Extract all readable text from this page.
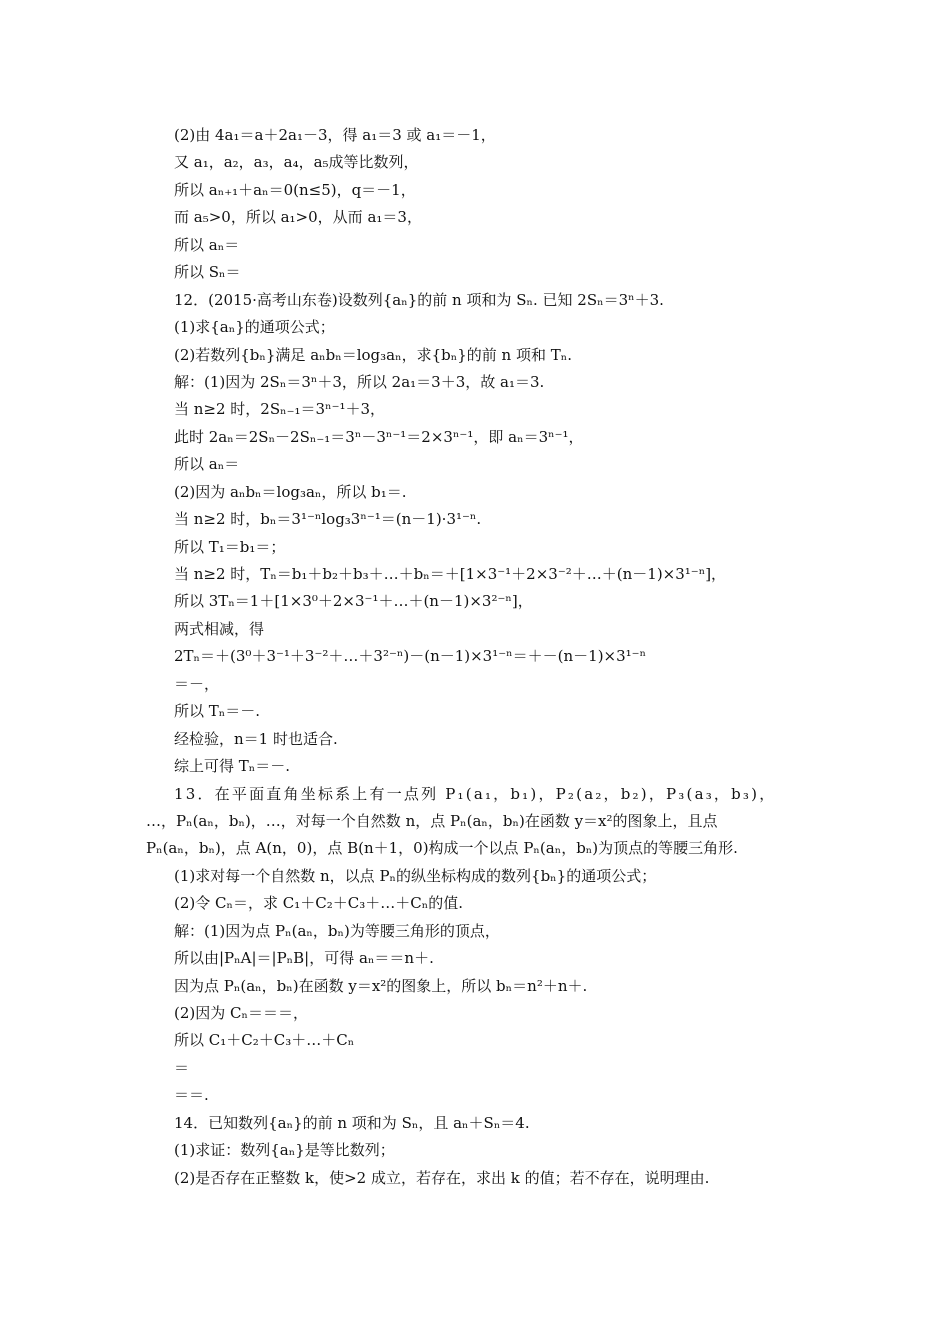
(2)由 4a₁＝a＋2a₁－3，得 a₁＝3 或 a₁＝－1，
又 a₁，a₂，a₃，a₄，a₅成等比数列，
所以 aₙ₊₁＋aₙ＝0(n≤5)，q＝－1，
而 a₅>0，所以 a₁>0，从而 a₁＝3，
所以 aₙ＝
所以 Sₙ＝
12．(2015·高考山东卷)设数列{aₙ}的前 n 项和为 Sₙ. 已知 2Sₙ＝3ⁿ＋3.
(1)求{aₙ}的通项公式；
(2)若数列{bₙ}满足 aₙbₙ＝log₃aₙ，求{bₙ}的前 n 项和 Tₙ.
解：(1)因为 2Sₙ＝3ⁿ＋3，所以 2a₁＝3＋3，故 a₁＝3.
当 n≥2 时，2Sₙ₋₁＝3ⁿ⁻¹＋3，
此时 2aₙ＝2Sₙ－2Sₙ₋₁＝3ⁿ－3ⁿ⁻¹＝2×3ⁿ⁻¹，即 aₙ＝3ⁿ⁻¹，
所以 aₙ＝
(2)因为 aₙbₙ＝log₃aₙ，所以 b₁＝.
当 n≥2 时，bₙ＝3¹⁻ⁿlog₃3ⁿ⁻¹＝(n－1)·3¹⁻ⁿ.
所以 T₁＝b₁＝；
当 n≥2 时，Tₙ＝b₁＋b₂＋b₃＋…＋bₙ＝＋[1×3⁻¹＋2×3⁻²＋…＋(n－1)×3¹⁻ⁿ]，
所以 3Tₙ＝1＋[1×3⁰＋2×3⁻¹＋…＋(n－1)×3²⁻ⁿ]，
两式相减，得
2Tₙ＝＋(3⁰＋3⁻¹＋3⁻²＋…＋3²⁻ⁿ)－(n－1)×3¹⁻ⁿ＝＋－(n－1)×3¹⁻ⁿ
＝－，
所以 Tₙ＝－.
经检验，n＝1 时也适合.
综上可得 Tₙ＝－.
13．在平面直角坐标系上有一点列 P₁(a₁，b₁)，P₂(a₂，b₂)，P₃(a₃，b₃)，
…，Pₙ(aₙ，bₙ)，…，对每一个自然数 n，点 Pₙ(aₙ，bₙ)在函数 y＝x²的图象上，且点
Pₙ(aₙ，bₙ)，点 A(n，0)，点 B(n＋1，0)构成一个以点 Pₙ(aₙ，bₙ)为顶点的等腰三角形.
(1)求对每一个自然数 n，以点 Pₙ的纵坐标构成的数列{bₙ}的通项公式；
(2)令 Cₙ＝，求 C₁＋C₂＋C₃＋…＋Cₙ的值.
解：(1)因为点 Pₙ(aₙ，bₙ)为等腰三角形的顶点，
所以由|PₙA|＝|PₙB|，可得 aₙ＝＝n＋.
因为点 Pₙ(aₙ，bₙ)在函数 y＝x²的图象上，所以 bₙ＝n²＋n＋.
(2)因为 Cₙ＝＝＝，
所以 C₁＋C₂＋C₃＋…＋Cₙ
＝
＝＝.
14．已知数列{aₙ}的前 n 项和为 Sₙ，且 aₙ＋Sₙ＝4.
(1)求证：数列{aₙ}是等比数列；
(2)是否存在正整数 k，使>2 成立，若存在，求出 k 的值；若不存在，说明理由.
